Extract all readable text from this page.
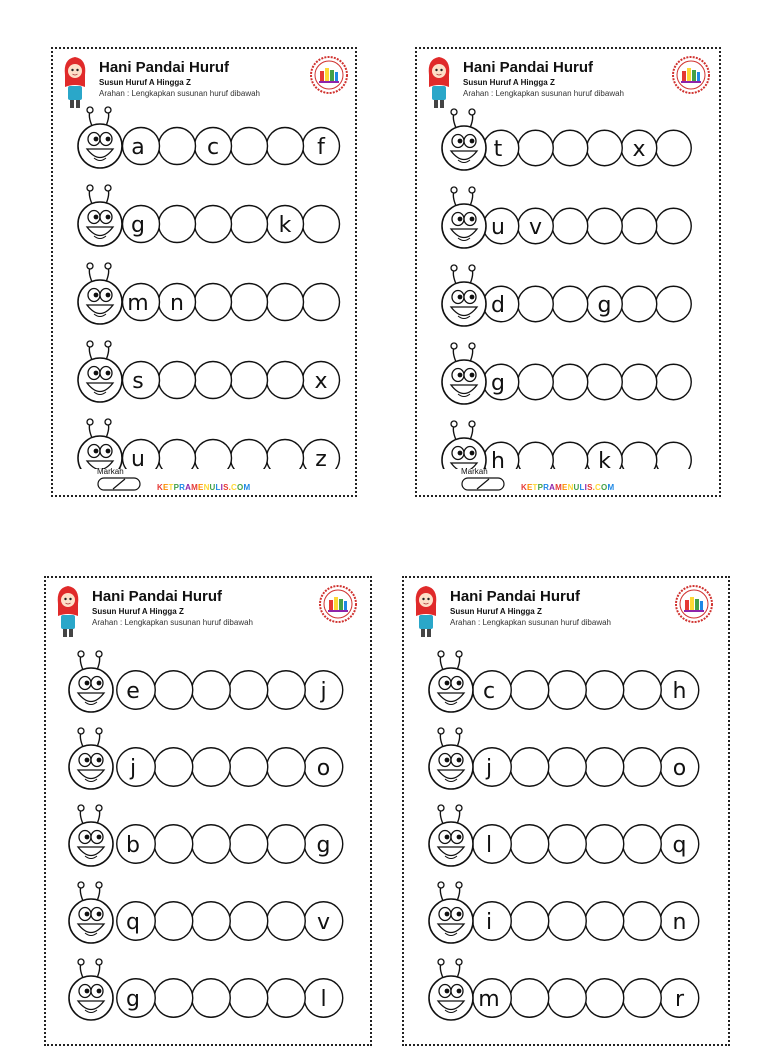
Hani Pandai Huruf
Susun Huruf A Hingga Z
Arahan : Lengkapkan susunan huruf dibawah
a	c	f
g	k
m n
s	x
u	z
Markah
KETPRAMENULIS.COM
Hani Pandai Huruf
Susun Huruf A Hingga Z
Arahan : Lengkapkan susunan huruf dibawah
t	x
u v
d	g
g
h	k
Markah
KETPRAMENULIS.COM
Hani Pandai Huruf
Susun Huruf A Hingga Z
Arahan : Lengkapkan susunan huruf dibawah
e	j
j	o
b	g
q	v
g	l
Hani Pandai Huruf
Susun Huruf A Hingga Z
Arahan : Lengkapkan susunan huruf dibawah
c	h
j	o
l	q
i	n
m	r
